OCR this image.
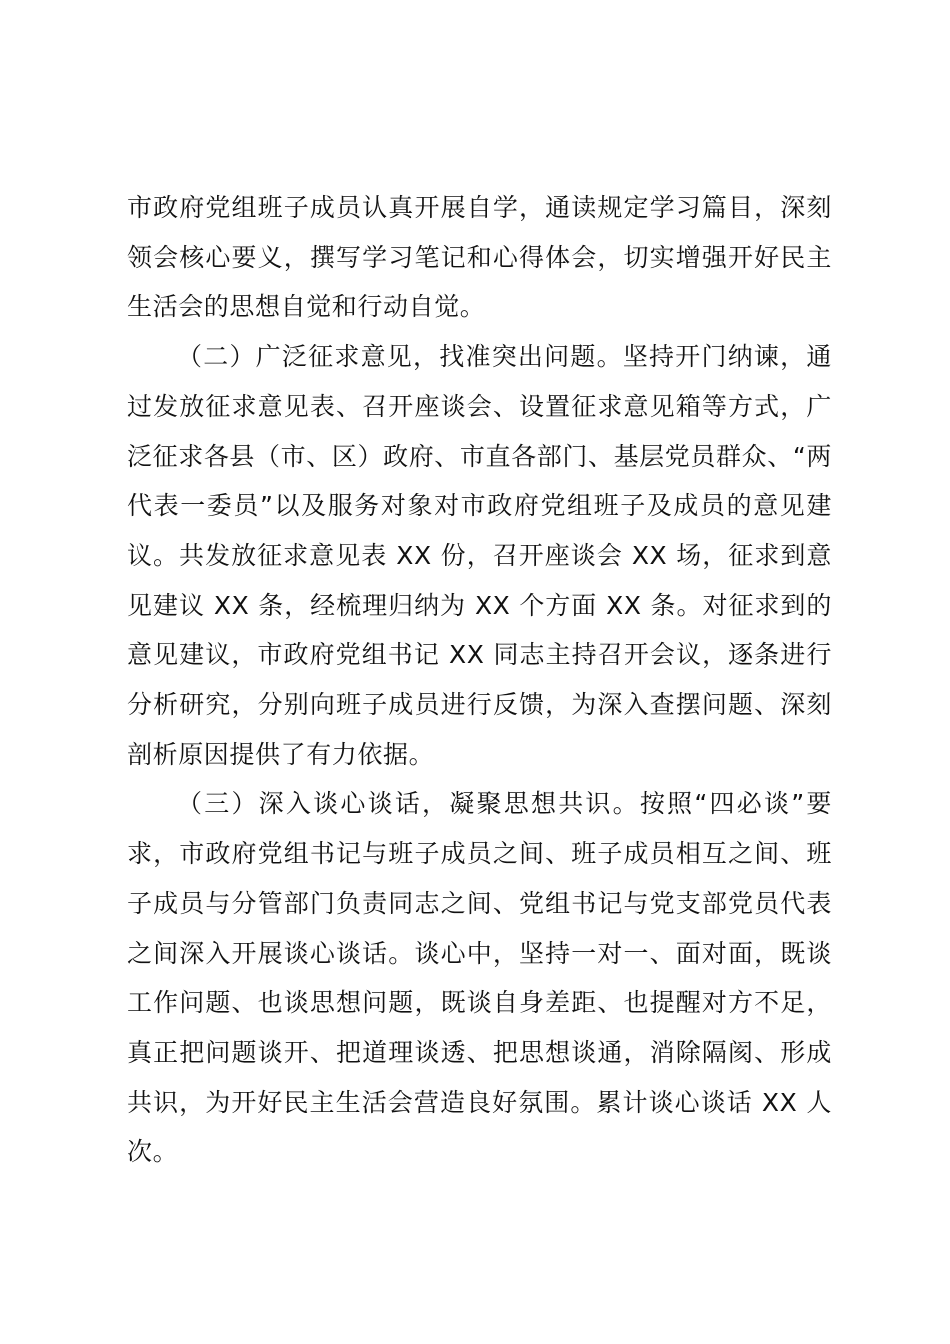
市政府党组班子成员认真开展自学，通读规定学习篇目，深刻领会核心要义，撰写学习笔记和心得体会，切实增强开好民主生活会的思想自觉和行动自觉。

（二）广泛征求意见，找准突出问题。坚持开门纳谏，通过发放征求意见表、召开座谈会、设置征求意见箱等方式，广泛征求各县（市、区）政府、市直各部门、基层党员群众、“两代表一委员”以及服务对象对市政府党组班子及成员的意见建议。共发放征求意见表 XX 份，召开座谈会 XX 场，征求到意见建议 XX 条，经梳理归纳为 XX 个方面 XX 条。对征求到的意见建议，市政府党组书记 XX 同志主持召开会议，逐条进行分析研究，分别向班子成员进行反馈，为深入查摆问题、深刻剖析原因提供了有力依据。

（三）深入谈心谈话，凝聚思想共识。按照“四必谈”要求，市政府党组书记与班子成员之间、班子成员相互之间、班子成员与分管部门负责同志之间、党组书记与党支部党员代表之间深入开展谈心谈话。谈心中，坚持一对一、面对面，既谈工作问题、也谈思想问题，既谈自身差距、也提醒对方不足，真正把问题谈开、把道理谈透、把思想谈通，消除隔阂、形成共识，为开好民主生活会营造良好氛围。累计谈心谈话 XX 人次。
